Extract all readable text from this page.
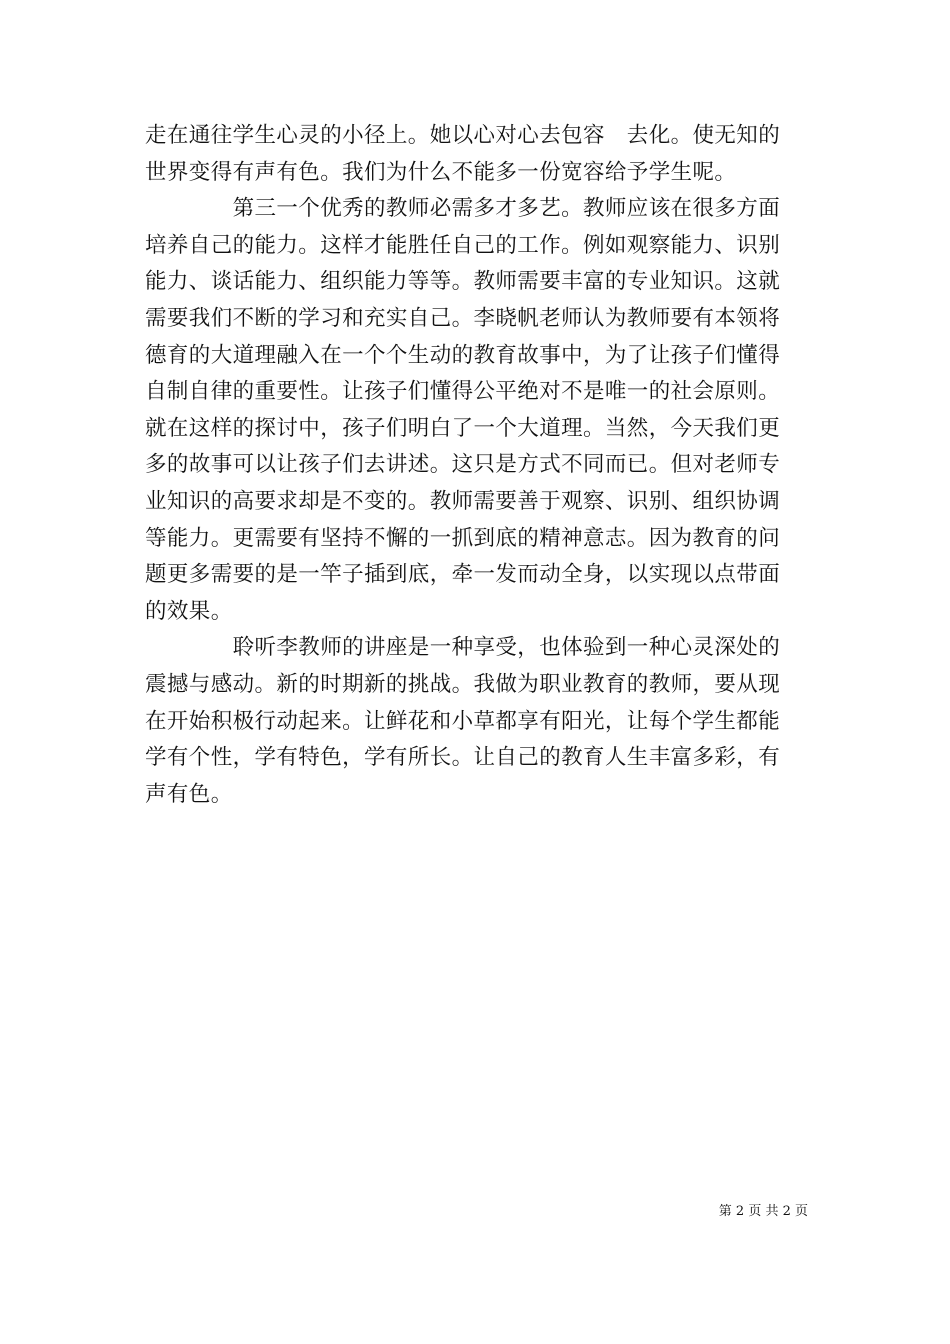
走在通往学生心灵的小径上。她以心对心去包容　去化。使无知的
世界变得有声有色。我们为什么不能多一份宽容给予学生呢。
　　　　第三一个优秀的教师必需多才多艺。教师应该在很多方面
培养自己的能力。这样才能胜任自己的工作。例如观察能力、识别
能力、谈话能力、组织能力等等。教师需要丰富的专业知识。这就
需要我们不断的学习和充实自己。李晓帆老师认为教师要有本领将
德育的大道理融入在一个个生动的教育故事中，为了让孩子们懂得
自制自律的重要性。让孩子们懂得公平绝对不是唯一的社会原则。
就在这样的探讨中，孩子们明白了一个大道理。当然，今天我们更
多的故事可以让孩子们去讲述。这只是方式不同而已。但对老师专
业知识的高要求却是不变的。教师需要善于观察、识别、组织协调
等能力。更需要有坚持不懈的一抓到底的精神意志。因为教育的问
题更多需要的是一竿子插到底，牵一发而动全身，以实现以点带面
的效果。
　　　　聆听李教师的讲座是一种享受，也体验到一种心灵深处的
震撼与感动。新的时期新的挑战。我做为职业教育的教师，要从现
在开始积极行动起来。让鲜花和小草都享有阳光，让每个学生都能
学有个性，学有特色，学有所长。让自己的教育人生丰富多彩，有
声有色。
第 2 页 共 2 页
